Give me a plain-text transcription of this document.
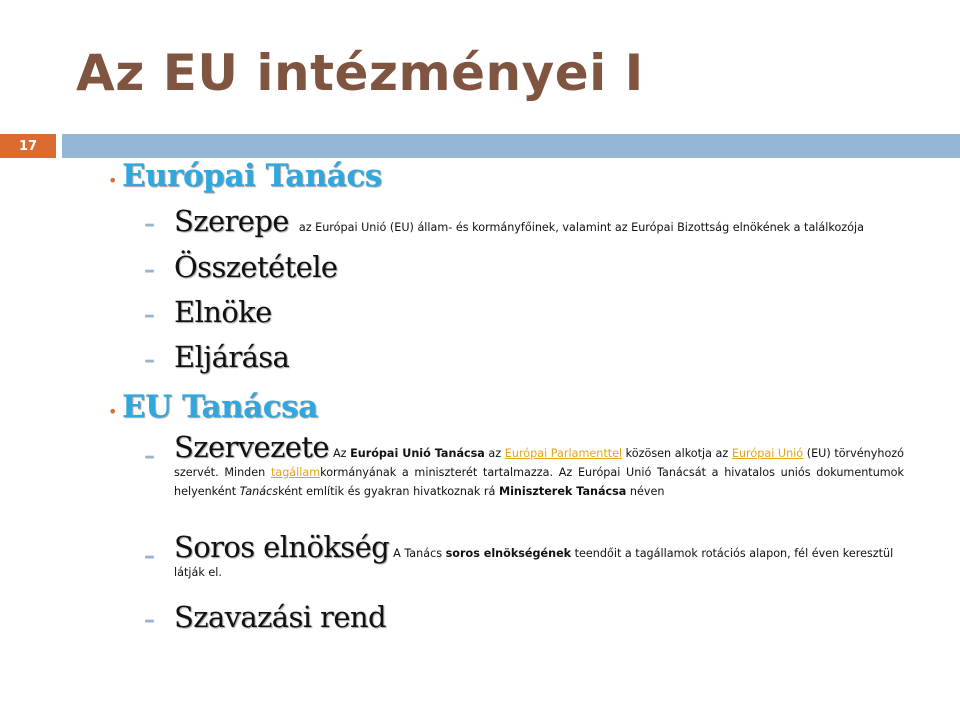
Az EU intézményei I
17
• Európai Tanács
– Szerepe az Európai Unió (EU) állam- és kormányfőinek, valamint az Európai Bizottság elnökének a találkozója
– Összetétele
– Elnöke
– Eljárása
• EU Tanácsa
– Szervezete Az Európai Unió Tanácsa az Európai Parlamenttel közösen alkotja az Európai Unió (EU) törvényhozó szervét. Minden tagállamkormányának a miniszterét tartalmazza. Az Európai Unió Tanácsát a hivatalos uniós dokumentumok helyenként Tanácsként említik és gyakran hivatkoznak rá Miniszterek Tanácsa néven
– Soros elnökség A Tanács soros elnökségének teendőit a tagállamok rotációs alapon, fél éven keresztül látják el.
– Szavazási rend
